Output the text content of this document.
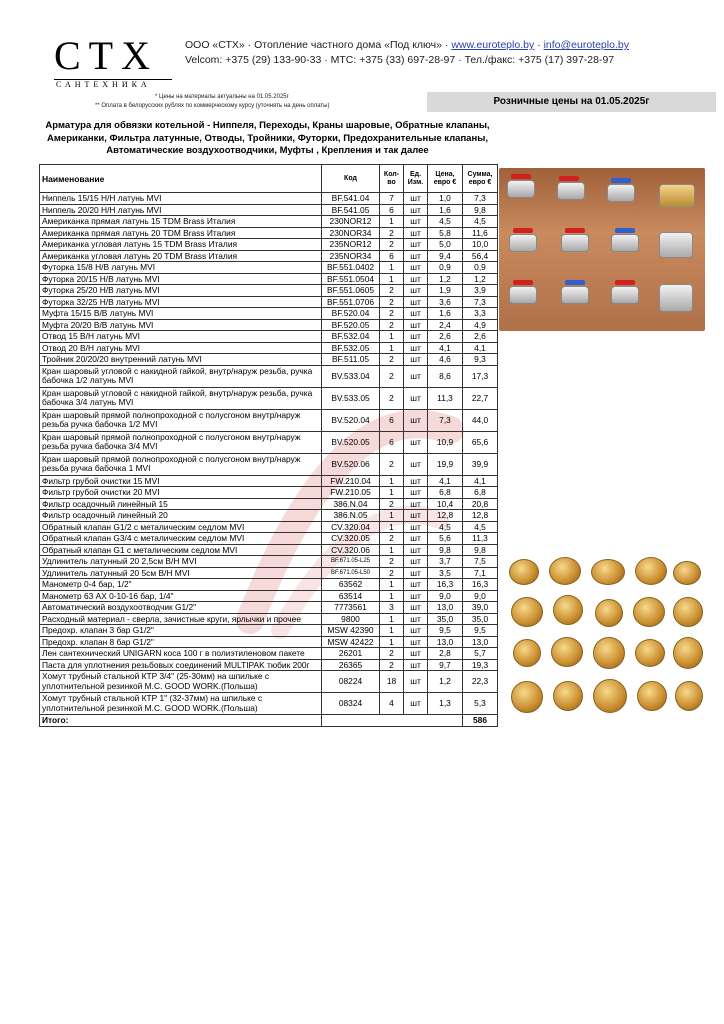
СТХ
САНТЕХНИКА
ООО «СТХ» · Отопление частного дома «Под ключ» · www.euroteplo.by · info@euroteplo.by
Velcom: +375 (29) 133-90-33 · МТС: +375 (33) 697-28-97 · Тел./факс: +375 (17) 397-28-97
* Цены на материалы актуальны на 01.05.2025г
** Оплата в белорусских рублях по коммерческому курсу (уточнять на день оплаты)	Розничные цены на 01.05.2025г
Арматура для обвязки котельной - Ниппеля, Переходы, Краны шаровые, Обратные клапаны,
Американки, Фильтра латунные, Отводы, Тройники, Футорки, Предохранительные клапаны,
Автоматические воздухоотводчики, Муфты , Крепления и так далее
Наименование	Код	Кол-во	Ед. Изм.	Цена, евро €	Сумма, евро €
Ниппель 15/15 Н/Н латунь MVI	BF.541.04	7	шт	1,0	7,3
Ниппель 20/20 Н/Н латунь MVI	BF.541.05	6	шт	1,6	9,8
Американка прямая латунь 15 TDM Brass Италия	230NOR12	1	шт	4,5	4,5
Американка прямая латунь 20 TDM Brass Италия	230NOR34	2	шт	5,8	11,6
Американка угловая латунь 15 TDM Brass Италия	235NOR12	2	шт	5,0	10,0
Американка угловая латунь 20 TDM Brass Италия	235NOR34	6	шт	9,4	56,4
Футорка 15/8 Н/В латунь MVI	BF.551.0402	1	шт	0,9	0,9
Футорка 20/15 Н/В латунь MVI	BF.551.0504	1	шт	1,2	1,2
Футорка 25/20 Н/В латунь MVI	BF.551.0605	2	шт	1,9	3,9
Футорка 32/25 Н/В латунь MVI	BF.551.0706	2	шт	3,6	7,3
Муфта 15/15 В/В латунь MVI	BF.520.04	2	шт	1,6	3,3
Муфта 20/20 В/В латунь MVI	BF.520.05	2	шт	2,4	4,9
Отвод 15 В/Н латунь MVI	BF.532.04	1	шт	2,6	2,6
Отвод 20 В/Н латунь MVI	BF.532.05	1	шт	4,1	4,1
Тройник 20/20/20 внутренний латунь MVI	BF.511.05	2	шт	4,6	9,3
Кран шаровый угловой с накидной гайкой, внутр/наруж резьба, ручка бабочка 1/2 латунь MVI	BV.533.04	2	шт	8,6	17,3
Кран шаровый угловой с накидной гайкой, внутр/наруж резьба, ручка бабочка 3/4 латунь MVI	BV.533.05	2	шт	11,3	22,7
Кран шаровый прямой полнопроходной с полусгоном внутр/наруж резьба ручка бабочка 1/2 MVI	BV.520.04	6	шт	7,3	44,0
Кран шаровый прямой полнопроходной с полусгоном внутр/наруж резьба ручка бабочка 3/4 MVI	BV.520.05	6	шт	10,9	65,6
Кран шаровый прямой полнопроходной с полусгоном внутр/наруж резьба ручка бабочка 1 MVI	BV.520.06	2	шт	19,9	39,9
Фильтр грубой очистки 15 MVI	FW.210.04	1	шт	4,1	4,1
Фильтр грубой очистки 20 MVI	FW.210.05	1	шт	6,8	6,8
Фильтр осадочный линейный 15	386.N.04	2	шт	10,4	20,8
Фильтр осадочный линейный 20	386.N.05	1	шт	12,8	12,8
Обратный клапан G1/2 с металическим седлом MVI	CV.320.04	1	шт	4,5	4,5
Обратный клапан G3/4 с металическим седлом MVI	CV.320.05	2	шт	5,6	11,3
Обратный клапан G1 с металическим седлом MVI	CV.320.06	1	шт	9,8	9,8
Удлинитель латунный 20 2,5см В/Н MVI	BF.671.05-L25	2	шт	3,7	7,5
Удлинитель латунный 20 5см В/Н MVI	BF.671.05-L50	2	шт	3,5	7,1
Манометр 0-4 бар, 1/2"	63562	1	шт	16,3	16,3
Манометр 63 АХ 0-10-16 бар, 1/4"	63514	1	шт	9,0	9,0
Автоматический воздухоотводчик G1/2"	7773561	3	шт	13,0	39,0
Расходный материал - сверла, зачистные круги, ярлычки и прочее	9800	1	шт	35,0	35,0
Предохр. клапан 3 бар G1/2"	MSW 42390	1	шт	9,5	9,5
Предохр. клапан 8 бар G1/2"	MSW 42422	1	шт	13,0	13,0
Лен сантехнический UNIGARN коса 100 г в полиэтиленовом пакете	26201	2	шт	2,8	5,7
Паста для уплотнения резьбовых соединений MULTIPAK тюбик 200г	26365	2	шт	9,7	19,3
Хомут трубный стальной КТР 3/4" (25-30мм) на шпильке с уплотнительной резинкой M.C. GOOD WORK.(Польша)	08224	18	шт	1,2	22,3
Хомут трубный стальной КТР 1" (32-37мм) на шпильке с уплотнительной резинкой M.C. GOOD WORK.(Польша)	08324	4	шт	1,3	5,3
Итого:					586
